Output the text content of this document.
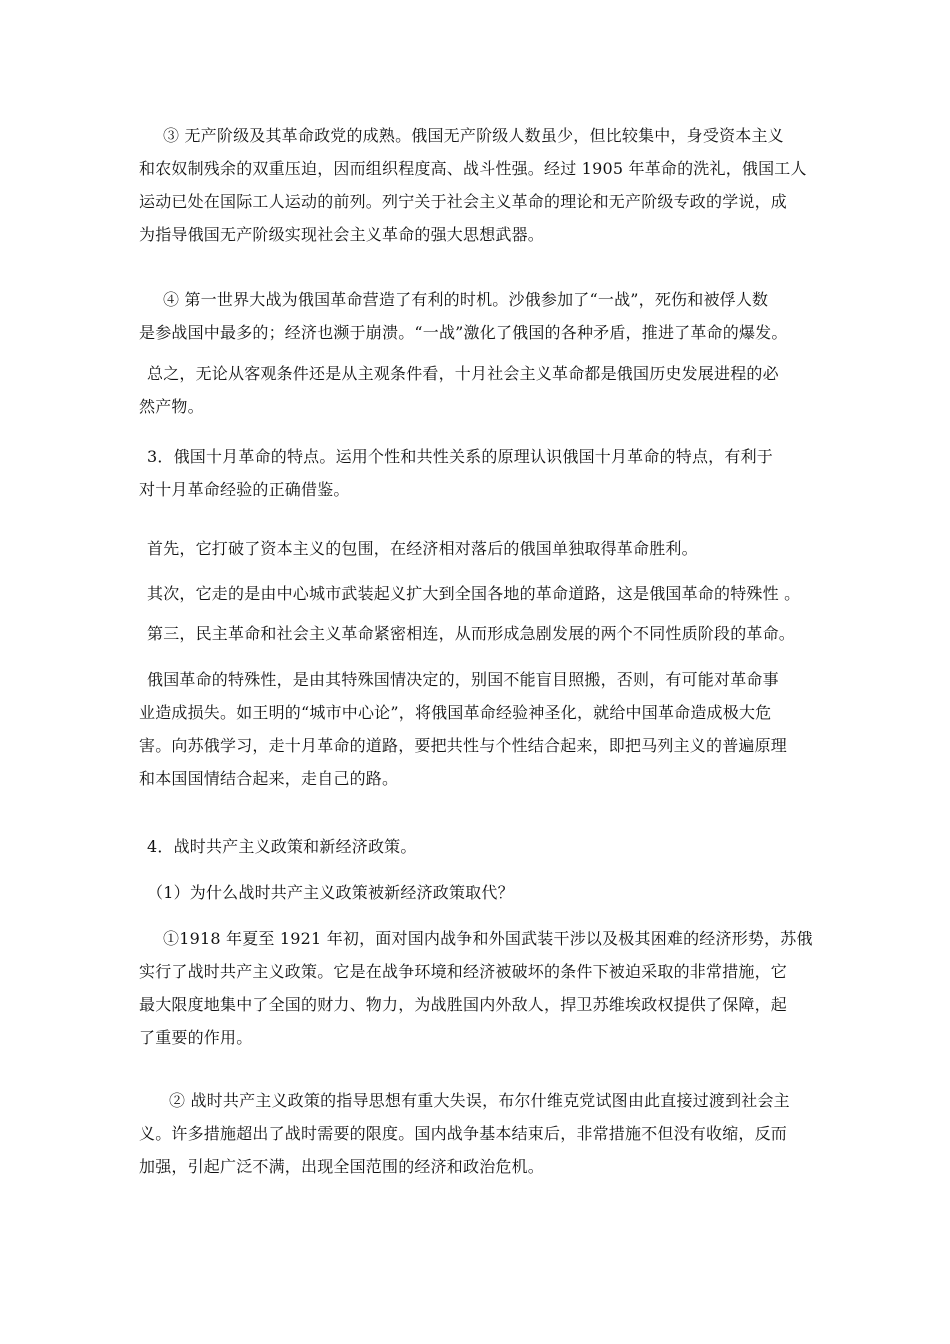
③ 无产阶级及其革命政党的成熟。俄国无产阶级人数虽少，但比较集中，身受资本主义
和农奴制残余的双重压迫，因而组织程度高、战斗性强。经过 1905 年革命的洗礼，俄国工人
运动已处在国际工人运动的前列。列宁关于社会主义革命的理论和无产阶级专政的学说，成
为指导俄国无产阶级实现社会主义革命的强大思想武器。
④ 第一世界大战为俄国革命营造了有利的时机。沙俄参加了“一战”，死伤和被俘人数
是参战国中最多的；经济也濒于崩溃。“一战”激化了俄国的各种矛盾，推进了革命的爆发。
总之，无论从客观条件还是从主观条件看，十月社会主义革命都是俄国历史发展进程的必
然产物。
3．俄国十月革命的特点。运用个性和共性关系的原理认识俄国十月革命的特点，有利于
对十月革命经验的正确借鉴。
首先，它打破了资本主义的包围，在经济相对落后的俄国单独取得革命胜利。
其次，它走的是由中心城市武装起义扩大到全国各地的革命道路，这是俄国革命的特殊性 。
第三，民主革命和社会主义革命紧密相连，从而形成急剧发展的两个不同性质阶段的革命。
俄国革命的特殊性，是由其特殊国情决定的，别国不能盲目照搬，否则，有可能对革命事
业造成损失。如王明的“城市中心论”，将俄国革命经验神圣化，就给中国革命造成极大危
害。向苏俄学习，走十月革命的道路，要把共性与个性结合起来，即把马列主义的普遍原理
和本国国情结合起来，走自己的路。
4．战时共产主义政策和新经济政策。
（1）为什么战时共产主义政策被新经济政策取代？
①1918 年夏至 1921 年初，面对国内战争和外国武装干涉以及极其困难的经济形势，苏俄
实行了战时共产主义政策。它是在战争环境和经济被破坏的条件下被迫采取的非常措施，它
最大限度地集中了全国的财力、物力，为战胜国内外敌人，捍卫苏维埃政权提供了保障，起
了重要的作用。
② 战时共产主义政策的指导思想有重大失误，布尔什维克党试图由此直接过渡到社会主
义。许多措施超出了战时需要的限度。国内战争基本结束后，非常措施不但没有收缩，反而
加强，引起广泛不满，出现全国范围的经济和政治危机。
